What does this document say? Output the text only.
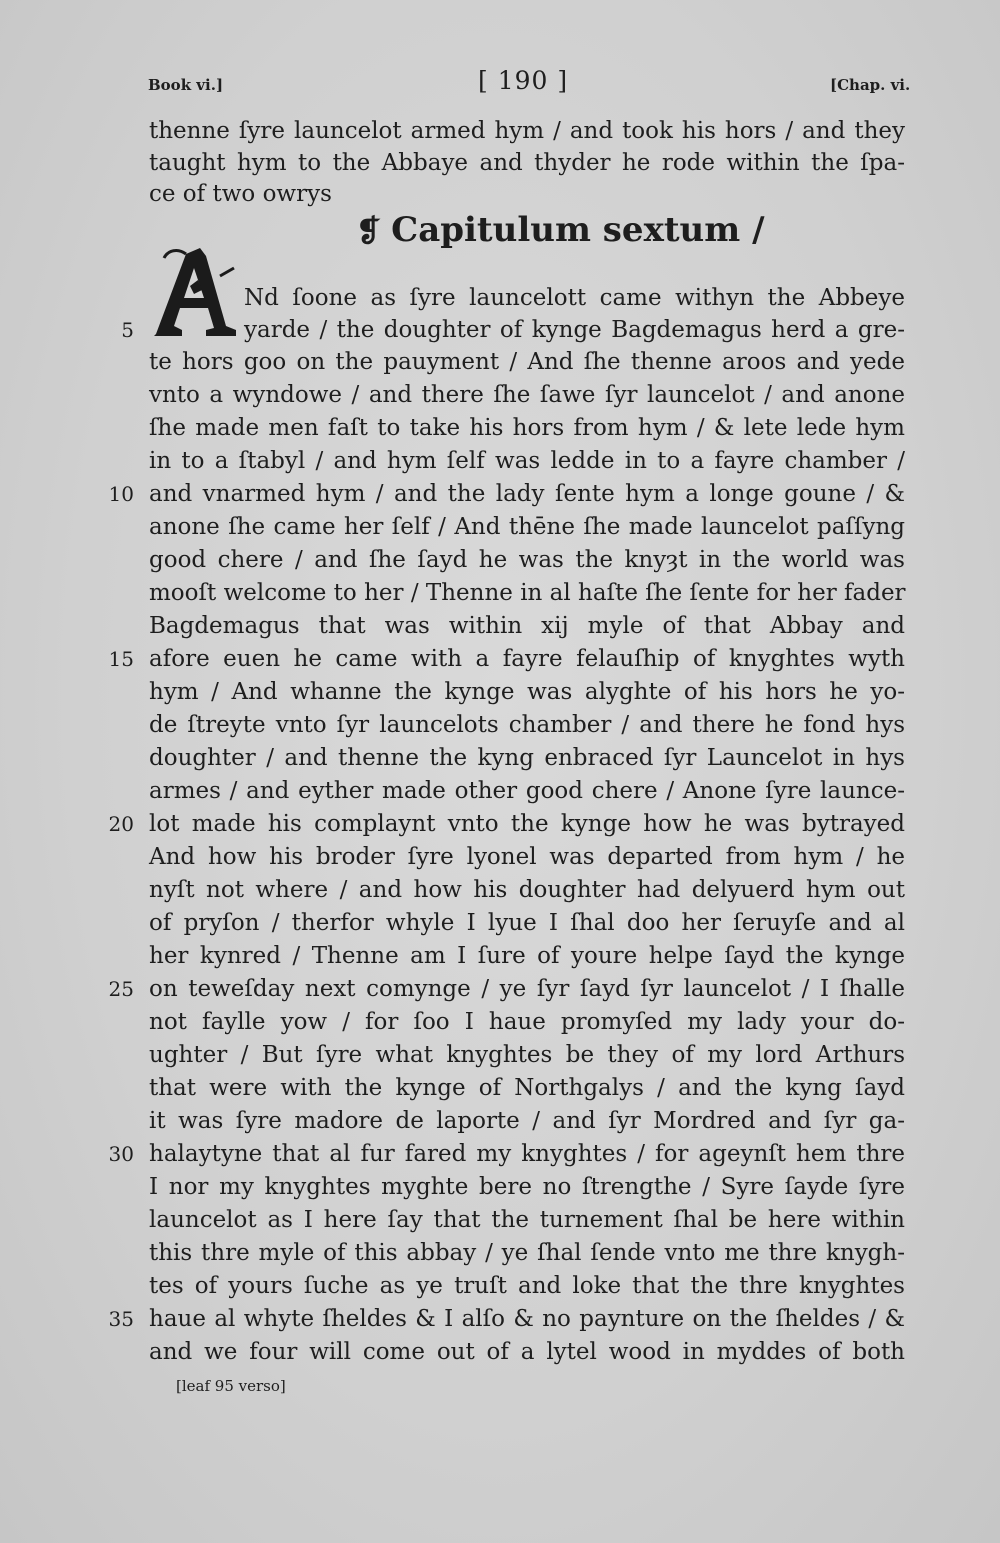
Book vi.]	[ 190 ]	[Chap. vi.
❡ Capitulum sextum /
thenne ſyre launcelot armed hym / and took his hors / and they
taught hym to the Abbaye and thyder he rode within the ſpa-
ce of two owrys
Nd ſoone as ſyre launcelott came withyn the Abbeye
yarde / the doughter of kynge Bagdemagus herd a gre-
5
te hors goo on the pauyment / And ſhe thenne aroos and yede
vnto a wyndowe / and there ſhe ſawe ſyr launcelot / and anone
ſhe made men faſt to take his hors from hym / & lete lede hym
in to a ſtabyl / and hym ſelf was ledde in to a fayre chamber /
and vnarmed hym / and the lady ſente hym a longe goune / &
10
anone ſhe came her ſelf / And thēne ſhe made launcelot paſſyng
good chere / and ſhe ſayd he was the knyȝt in the world was
mooſt welcome to her / Thenne in al haſte ſhe ſente for her fader
Bagdemagus that was within xij myle of that Abbay and
afore euen he came with a fayre felauſhip of knyghtes wyth
15
hym / And whanne the kynge was alyghte of his hors he yo-
de ſtreyte vnto ſyr launcelots chamber / and there he fond hys
doughter / and thenne the kyng enbraced ſyr Launcelot in hys
armes / and eyther made other good chere / Anone ſyre launce-
lot made his complaynt vnto the kynge how he was bytrayed
20
And how his broder ſyre lyonel was departed from hym / he
nyſt not where / and how his doughter had delyuerd hym out
of pryſon / therfor whyle I lyue I ſhal doo her ſeruyſe and al
her kynred / Thenne am I ſure of youre helpe ſayd the kynge
on teweſday next comynge / ye ſyr ſayd ſyr launcelot / I ſhalle
25
not faylle yow / for ſoo I haue promyſed my lady your do-
ughter / But ſyre what knyghtes be they of my lord Arthurs
that were with the kynge of Northgalys / and the kyng ſayd
it was ſyre madore de laporte / and ſyr Mordred and ſyr ga-
halaytyne that al fur fared my knyghtes / for ageynſt hem thre
30
I nor my knyghtes myghte bere no ſtrengthe / Syre ſayde ſyre
launcelot as I here ſay that the turnement ſhal be here within
this thre myle of this abbay / ye ſhal ſende vnto me thre knygh-
tes of yours ſuche as ye truſt and loke that the thre knyghtes
haue al whyte ſheldes & I alſo & no paynture on the ſheldes / &
35
and we four will come out of a lytel wood in myddes of both
[leaf 95 verso]
